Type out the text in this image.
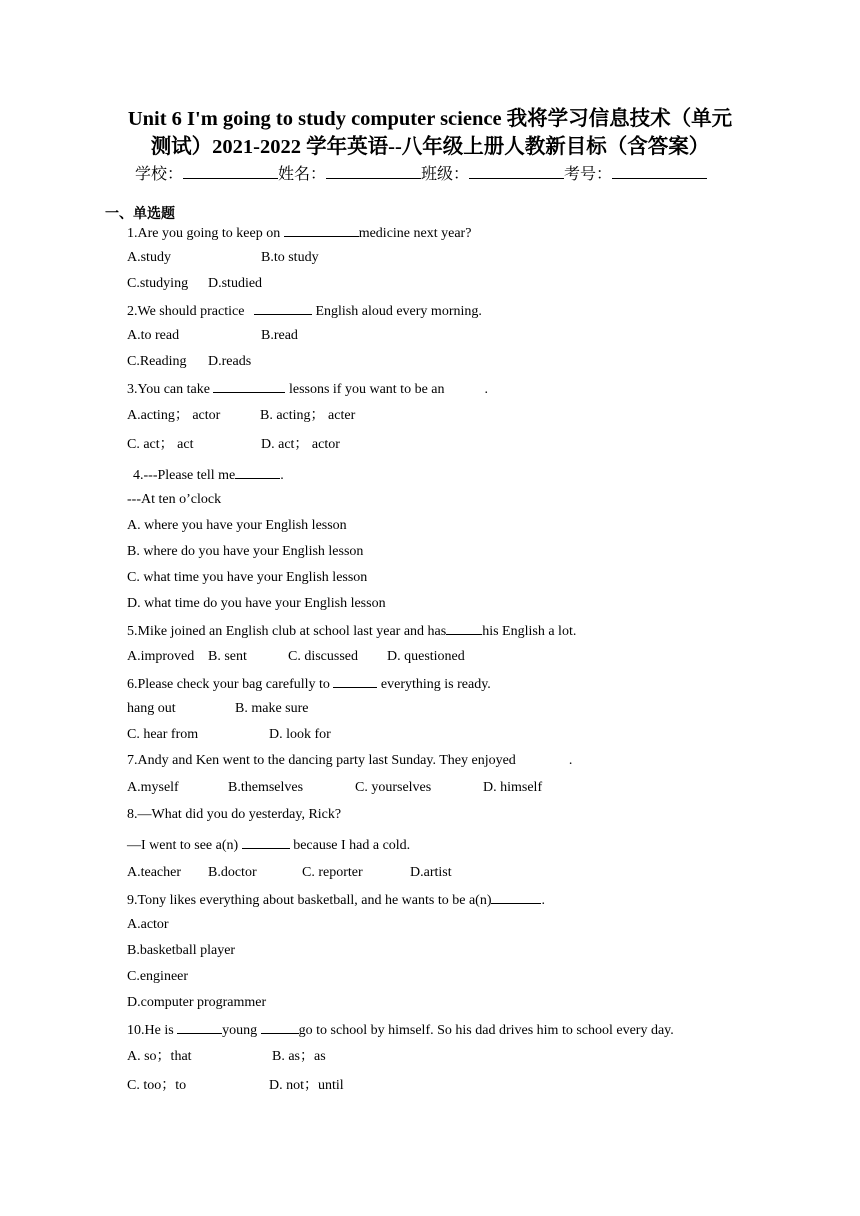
Unit 6 I'm going to study computer science 我将学习信息技术（单元
测试）2021-2022 学年英语--八年级上册人教新目标（含答案）
学校：	姓名：	班级：	考号：
一、单选题
1.Are you going to keep on	medicine next year?
A.study	B.to study
C.studying D.studied
2.We should practice	English aloud every morning.
A.to read	B.read
C.Reading D.reads
3.You can take	lessons if you want to be an	.
A.acting； actor	B. acting； acter
C. act； act	D. act； actor
4.---Please tell me	.
---At ten o’clock
A. where you have your English lesson
B. where do you have your English lesson
C. what time you have your English lesson
D. what time do you have your English lesson
5.Mike joined an English club at school last year and has	his English a lot.
A.improved B. sent	C. discussed D. questioned
6.Please check your bag carefully to	everything is ready.
hang out	B. make sure
C. hear from	D. look for
7.Andy and Ken went to the dancing party last Sunday. They enjoyed	.
A.myself	B.themselves	C. yourselves	D. himself
8.—What did you do yesterday, Rick?
—I went to see a(n)	because I had a cold.
A.teacher B.doctor	C. reporter	D.artist
9.Tony likes everything about basketball, and he wants to be a(n)	.
A.actor
B.basketball player
C.engineer
D.computer programmer
10.He is	young	go to school by himself. So his dad drives him to school every day.
A. so；that	B. as；as
C. too；to	D. not；until
